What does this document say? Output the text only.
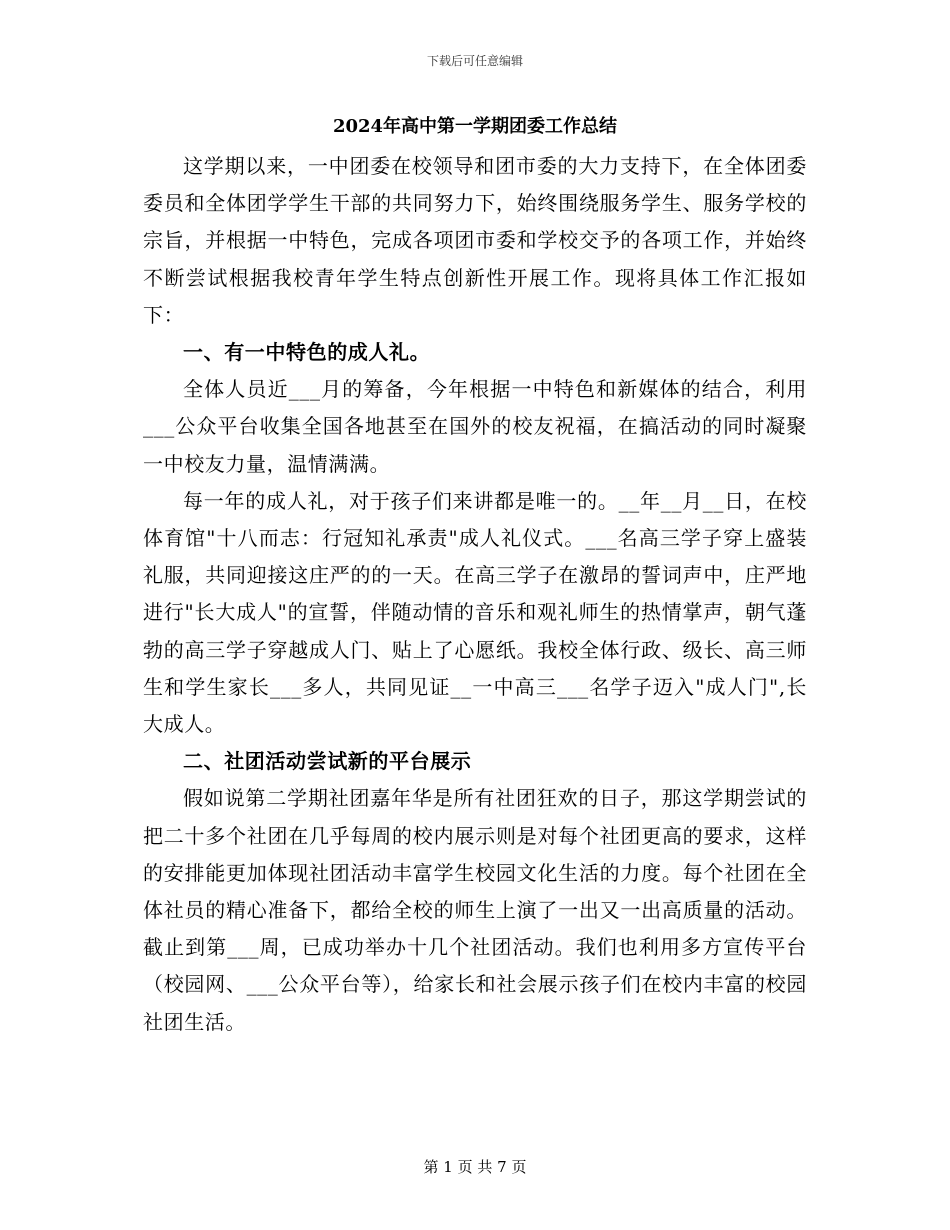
下载后可任意编辑
2024年高中第一学期团委工作总结

这学期以来，一中团委在校领导和团市委的大力支持下，在全体团委委员和全体团学学生干部的共同努力下，始终围绕服务学生、服务学校的宗旨，并根据一中特色，完成各项团市委和学校交予的各项工作，并始终不断尝试根据我校青年学生特点创新性开展工作。现将具体工作汇报如下：

一、有一中特色的成人礼。

全体人员近___月的筹备，今年根据一中特色和新媒体的结合，利用___公众平台收集全国各地甚至在国外的校友祝福，在搞活动的同时凝聚一中校友力量，温情满满。

每一年的成人礼，对于孩子们来讲都是唯一的。__年__月__日，在校体育馆"十八而志：行冠知礼承责"成人礼仪式。___名高三学子穿上盛装礼服，共同迎接这庄严的的一天。在高三学子在激昂的誓词声中，庄严地进行"长大成人"的宣誓，伴随动情的音乐和观礼师生的热情掌声，朝气蓬勃的高三学子穿越成人门、贴上了心愿纸。我校全体行政、级长、高三师生和学生家长___多人，共同见证__一中高三___名学子迈入"成人门",长大成人。

二、社团活动尝试新的平台展示

假如说第二学期社团嘉年华是所有社团狂欢的日子，那这学期尝试的把二十多个社团在几乎每周的校内展示则是对每个社团更高的要求，这样的安排能更加体现社团活动丰富学生校园文化生活的力度。每个社团在全体社员的精心准备下，都给全校的师生上演了一出又一出高质量的活动。截止到第___周，已成功举办十几个社团活动。我们也利用多方宣传平台（校园网、___公众平台等），给家长和社会展示孩子们在校内丰富的校园社团生活。

第 1 页 共 7 页
